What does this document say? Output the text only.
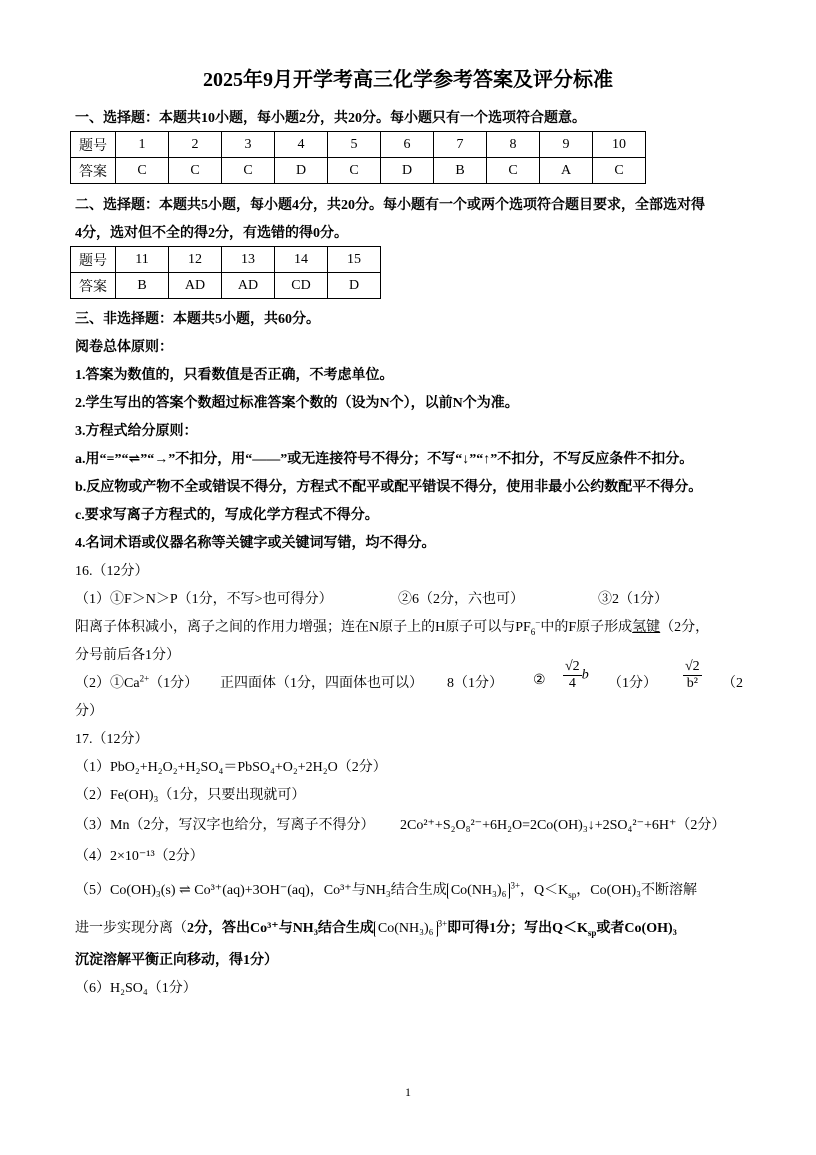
2025年9月开学考高三化学参考答案及评分标准
一、选择题：本题共10小题，每小题2分，共20分。每小题只有一个选项符合题意。
题号	1	2	3	4	5	6	7	8	9	10
答案	C	C	C	D	C	D	B	C	A	C
二、选择题：本题共5小题，每小题4分，共20分。每小题有一个或两个选项符合题目要求，全部选对得
4分，选对但不全的得2分，有选错的得0分。
题号	11	12	13	14	15
答案	B	AD	AD	CD	D
三、非选择题：本题共5小题，共60分。
阅卷总体原则：
1.答案为数值的，只看数值是否正确，不考虑单位。
2.学生写出的答案个数超过标准答案个数的（设为N个），以前N个为准。
3.方程式给分原则：
a.用“=”“⇌”“→”不扣分，用“——”或无连接符号不得分；不写“↓”“↑”不扣分，不写反应条件不扣分。
b.反应物或产物不全或错误不得分，方程式不配平或配平错误不得分，使用非最小公约数配平不得分。
c.要求写离子方程式的，写成化学方程式不得分。
4.名词术语或仪器名称等关键字或关键词写错，均不得分。
16.（12分）
（1）①F＞N＞P（1分，不写>也可得分）	②6（2分，六也可）	③2（1分）
阳离子体积减小，离子之间的作用力增强；连在N原子上的H原子可以与$PF_6^-$中的F原子形成氢键（2分，
分号前后各1分）
$(2)①Ca^{2+}(1$分） 正四面体（1分，四面体也可以） 8（1分） ② $\frac{√2}{4}$ b
（1分） $\frac{√2}{\text{b²}} (2$
分）
17.（12分）
（1）PbO₂+H₂O₂+H₂SO₄＝PbSO₄+O₂+2H₂O（2分）
（2）Fe(OH)₃（1分，只要出现就可）
（3）Mn（2分，写汉字也给分，写离子不得分） 2Co²⁺+S₂O₈²⁻+6H₂O=2Co(OH)₃↓+2SO₄²⁻+6H⁺（2分）
（4）2×10⁻¹³（2分）
（5）Co(OH)₃(s) ⇌ Co³⁺(aq)+3OH⁻(aq)，Co³⁺与NH₃结合生成 Co(NH₃)₆ $^{3+}$，$Q<K_{sp}$，Co(OH)₃不断溶解
进一步实现分离（2分，答出Co³⁺与NH₃结合生成 Co(NH₃)₆ $^{3+}$即可得1分；写出$Q<K_{sp}$或者Co(OH)₃
沉淀溶解平衡正向移动，得1分）
（6）H₂SO₄（1分）
1
